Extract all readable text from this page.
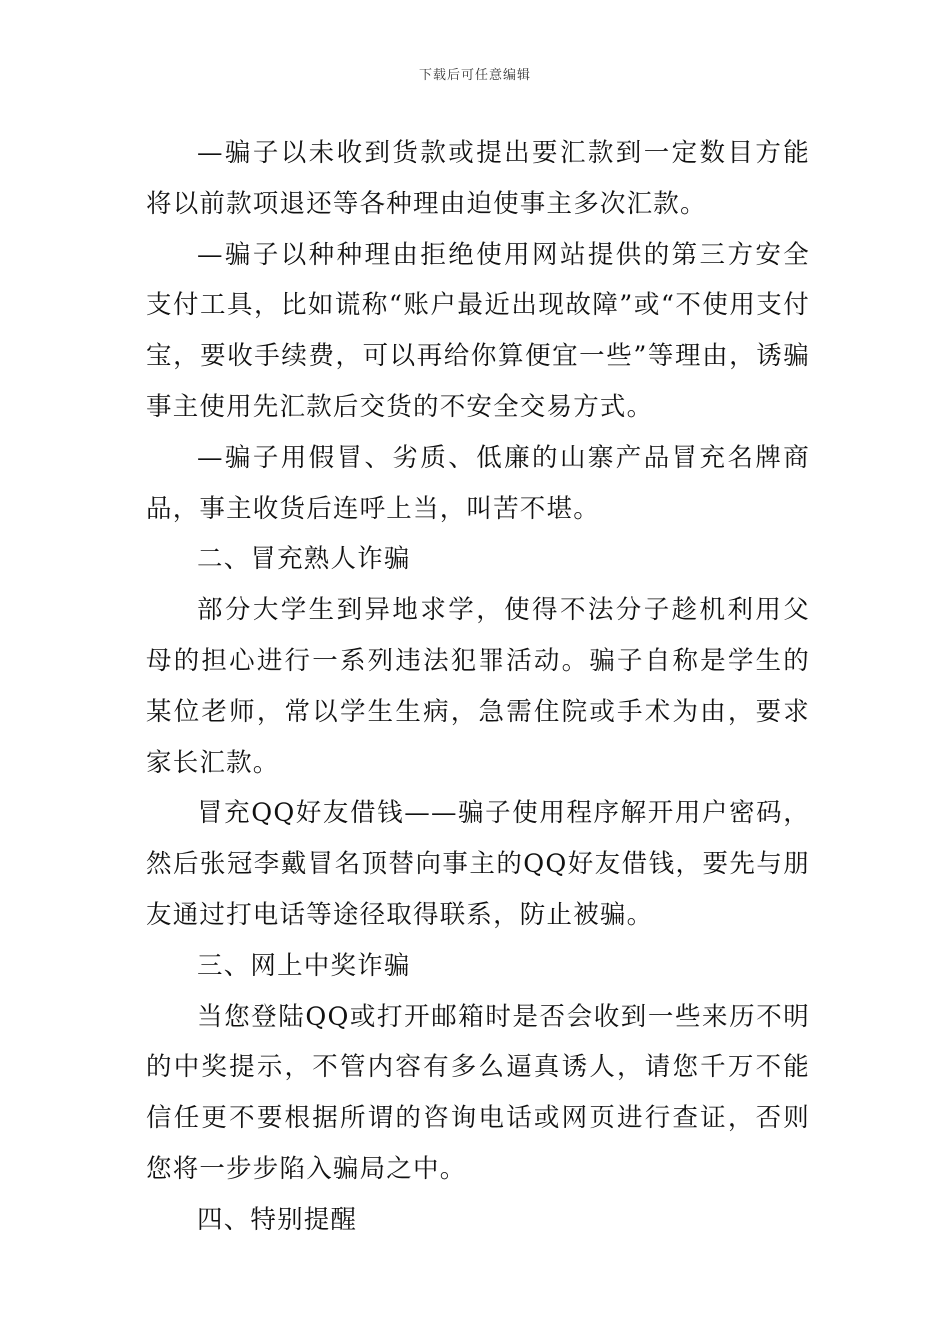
下载后可任意编辑

—骗子以未收到货款或提出要汇款到一定数目方能将以前款项退还等各种理由迫使事主多次汇款。

—骗子以种种理由拒绝使用网站提供的第三方安全支付工具，比如谎称“账户最近出现故障”或“不使用支付宝，要收手续费，可以再给你算便宜一些”等理由，诱骗事主使用先汇款后交货的不安全交易方式。

—骗子用假冒、劣质、低廉的山寨产品冒充名牌商品，事主收货后连呼上当，叫苦不堪。

二、冒充熟人诈骗

部分大学生到异地求学，使得不法分子趁机利用父母的担心进行一系列违法犯罪活动。骗子自称是学生的某位老师，常以学生生病，急需住院或手术为由，要求家长汇款。

冒充QQ好友借钱——骗子使用程序解开用户密码，然后张冠李戴冒名顶替向事主的QQ好友借钱，要先与朋友通过打电话等途径取得联系，防止被骗。

三、网上中奖诈骗

当您登陆QQ或打开邮箱时是否会收到一些来历不明的中奖提示，不管内容有多么逼真诱人，请您千万不能信任更不要根据所谓的咨询电话或网页进行查证，否则您将一步步陷入骗局之中。

四、特别提醒
